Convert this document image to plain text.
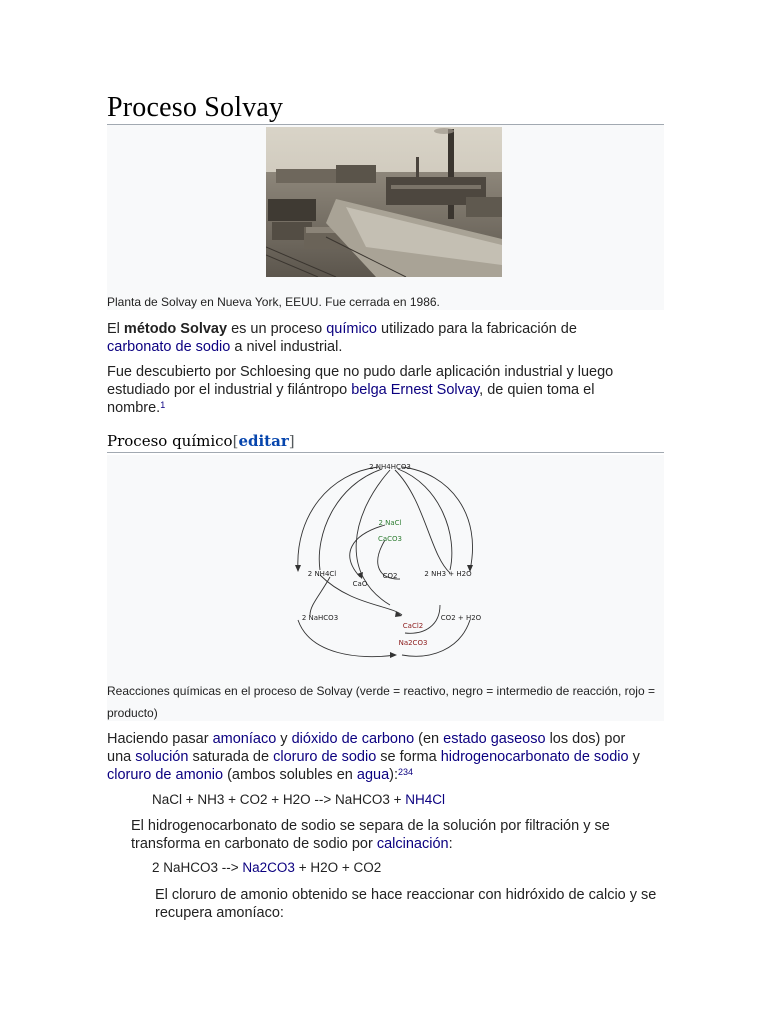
Proceso Solvay
Planta de Solvay en Nueva York, EEUU. Fue cerrada en 1986.

El método Solvay es un proceso químico utilizado para la fabricación de carbonato de sodio a nivel industrial.

Fue descubierto por Schloesing que no pudo darle aplicación industrial y luego estudiado por el industrial y filántropo belga Ernest Solvay, de quien toma el nombre.$^1$

Proceso químico[editar]
2 NH4HCO3
2 NaCl
CaCO3
2 NH4Cl
CaO
CO2	2 NH3 + H2O
2 NaHCO3
CaCl2
CO2 + H2O
Na2CO3
Reacciones químicas en el proceso de Solvay (verde = reactivo, negro = intermedio de reacción, rojo = producto)

Haciendo pasar amoníaco y dióxido de carbono (en estado gaseoso los dos) por una solución saturada de cloruro de sodio se forma hidrogenocarbonato de sodio y cloruro de amonio (ambos solubles en agua):$^{234}$

NaCl + NH3 + CO2 + H2O --> NaHCO3 + NH4Cl

El hidrogenocarbonato de sodio se separa de la solución por filtración y se transforma en carbonato de sodio por calcinación:

2 NaHCO3 --> Na2CO3 + H2O + CO2

El cloruro de amonio obtenido se hace reaccionar con hidróxido de calcio y se recupera amoníaco:
